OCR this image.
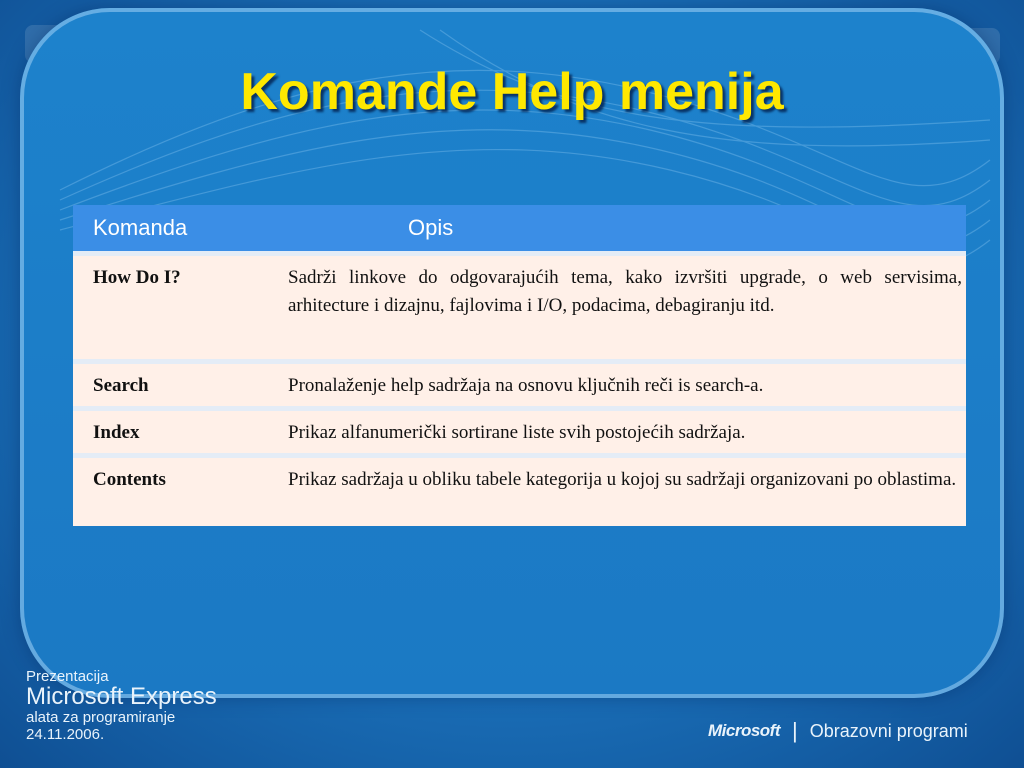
Komande Help menija
Komanda	Opis
How Do I?	Sadrži linkove do odgovarajućih tema, kako izvršiti upgrade, o web servisima, arhitecture i dizajnu, fajlovima i I/O, podacima, debagiranju itd.
Search	Pronalaženje help sadržaja na osnovu ključnih reči is search-a.
Index	Prikaz alfanumerički sortirane liste svih postojećih sadržaja.
Contents	Prikaz sadržaja u obliku tabele kategorija u kojoj su sadržaji organizovani po oblastima.
Prezentacija
Microsoft Express
alata za programiranje
24.11.2006.	Microsoft | Obrazovni programi
